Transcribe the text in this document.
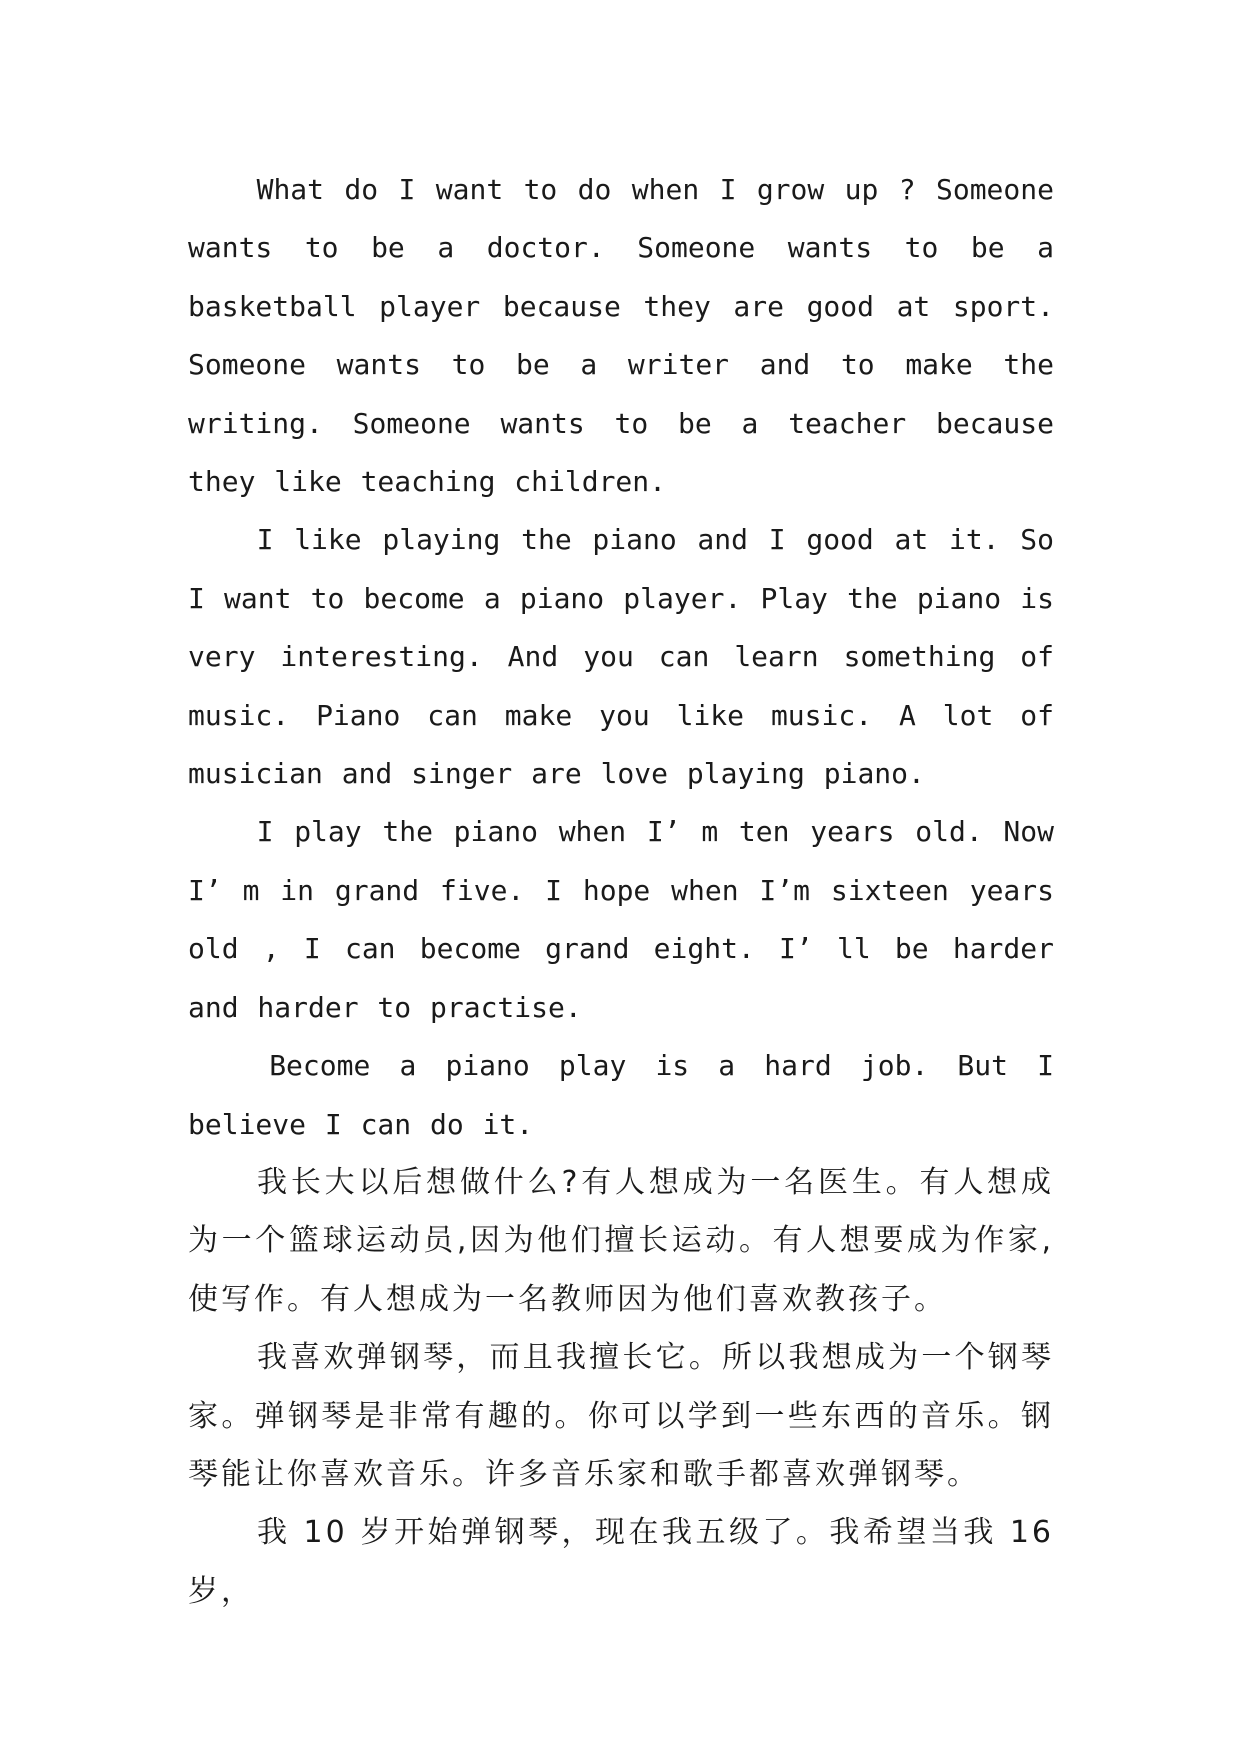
What do I want to do when I grow up ? Someone wants to be a doctor. Someone wants to be a basketball player because they are good at sport. Someone wants to be a writer and to make the writing. Someone wants to be a teacher because they like teaching children.

I like playing the piano and I good at it. So I want to become a piano player. Play the piano is very interesting. And you can learn something of music. Piano can make you like music. A lot of musician and singer are love playing piano.

I play the piano when I’ m ten years old. Now I’ m in grand five. I hope when I’m sixteen years old , I can become grand eight. I’ ll be harder and harder to practise.

Become a piano play is a hard job. But I believe I can do it.

我长大以后想做什么?有人想成为一名医生。有人想成为一个篮球运动员,因为他们擅长运动。有人想要成为作家,使写作。有人想成为一名教师因为他们喜欢教孩子。

我喜欢弹钢琴，而且我擅长它。所以我想成为一个钢琴家。弹钢琴是非常有趣的。你可以学到一些东西的音乐。钢琴能让你喜欢音乐。许多音乐家和歌手都喜欢弹钢琴。

我 10 岁开始弹钢琴，现在我五级了。我希望当我 16 岁，
